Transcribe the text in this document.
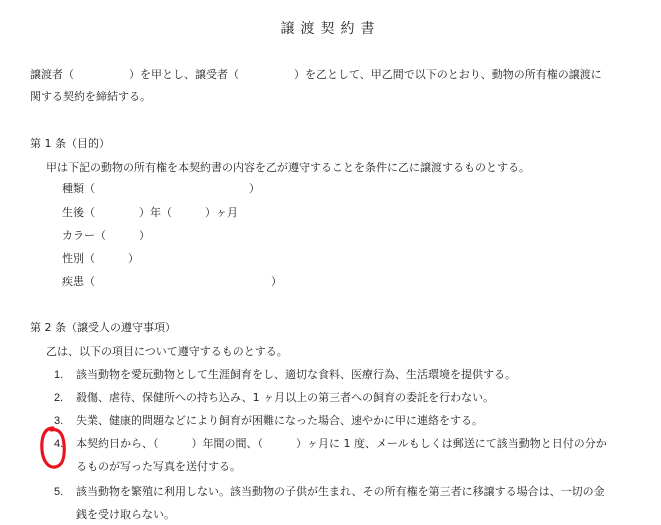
譲渡契約書
譲渡者（　　　　　）を甲とし、譲受者（　　　　　）を乙として、甲乙間で以下のとおり、動物の所有権の譲渡に
関する契約を締結する。
第 1 条（目的）
甲は下記の動物の所有権を本契約書の内容を乙が遵守することを条件に乙に譲渡するものとする。
種類（　　　　　　　　　　　　　　）
生後（　　　　）年（　　　）ヶ月
カラー（　　　）
性別（　　　）
疾患（　　　　　　　　　　　　　　　　）
第 2 条（譲受人の遵守事項）
乙は、以下の項目について遵守するものとする。
1. 該当動物を愛玩動物として生涯飼育をし、適切な食料、医療行為、生活環境を提供する。
2. 殺傷、虐待、保健所への持ち込み、1 ヶ月以上の第三者への飼育の委託を行わない。
3. 失業、健康的問題などにより飼育が困難になった場合、速やかに甲に連絡をする。
4. 本契約日から、（　　　）年間の間、（　　　）ヶ月に 1 度、メールもしくは郵送にて該当動物と日付の分か
るものが写った写真を送付する。
5. 該当動物を繁殖に利用しない。該当動物の子供が生まれ、その所有権を第三者に移譲する場合は、一切の金
銭を受け取らない。
